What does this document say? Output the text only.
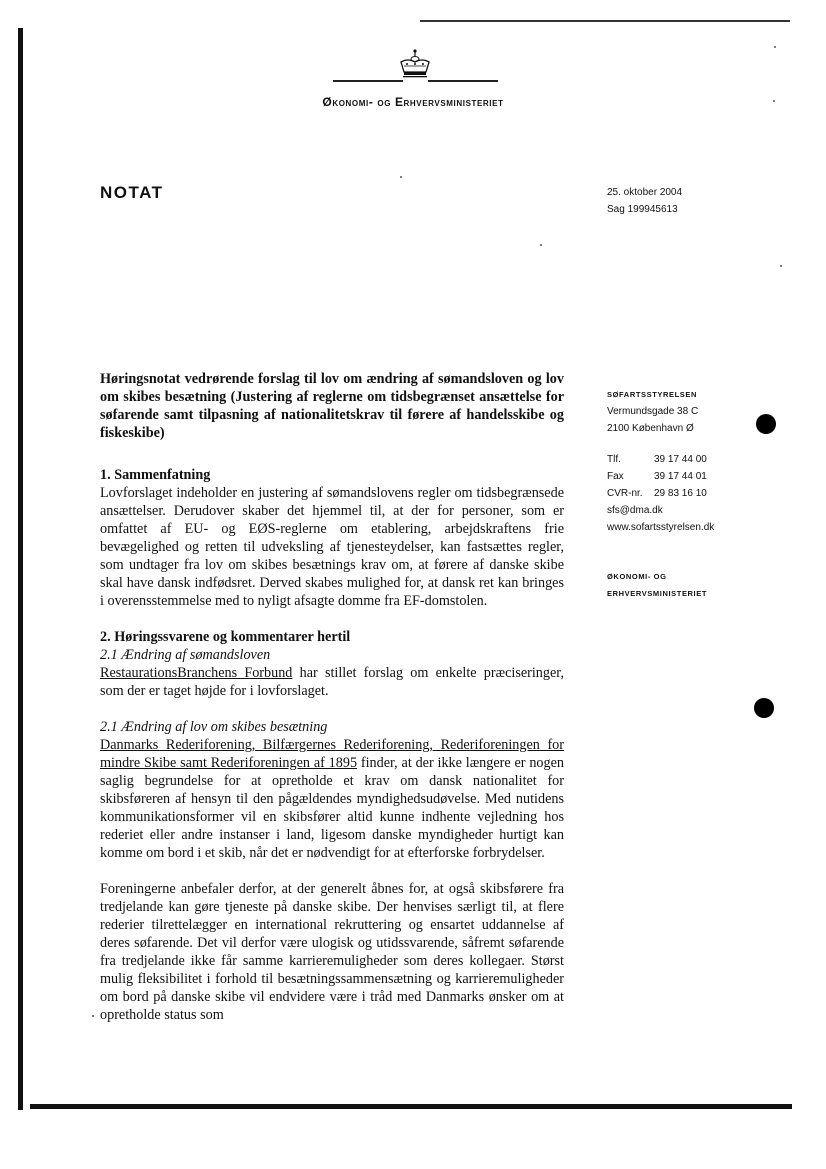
Økonomi- og Erhvervsministeriet
NOTAT	25. oktober 2004
Sag 199945613
SØFARTSSTYRELSEN
Vermundsgade 38 C
2100 København Ø
Tlf.	39 17 44 00
Fax	39 17 44 01
CVR-nr.	29 83 16 10
sfs@dma.dk
www.sofartsstyrelsen.dk
ØKONOMI- OG
ERHVERVSMINISTERIET

Høringsnotat vedrørende forslag til lov om ændring af sømandsloven og lov om skibes besætning (Justering af reglerne om tidsbegrænset ansættelse for søfarende samt tilpasning af nationalitetskrav til førere af handelsskibe og fiskeskibe)

1. Sammenfatning

Lovforslaget indeholder en justering af sømandslovens regler om tidsbegrænsede ansættelser. Derudover skaber det hjemmel til, at der for personer, som er omfattet af EU- og EØS-reglerne om etablering, arbejdskraftens frie bevægelighed og retten til udveksling af tjenesteydelser, kan fastsættes regler, som undtager fra lov om skibes besætnings krav om, at førere af danske skibe skal have dansk indfødsret. Derved skabes mulighed for, at dansk ret kan bringes i overensstemmelse med to nyligt afsagte domme fra EF-domstolen.

2. Høringssvarene og kommentarer hertil

2.1 Ændring af sømandsloven

RestaurationsBranchens Forbund har stillet forslag om enkelte præciseringer, som der er taget højde for i lovforslaget.

2.1 Ændring af lov om skibes besætning

Danmarks Rederiforening, Bilfærgernes Rederiforening, Rederiforeningen for mindre Skibe samt Rederiforeningen af 1895 finder, at der ikke længere er nogen saglig begrundelse for at opretholde et krav om dansk nationalitet for skibsføreren af hensyn til den pågældendes myndighedsudøvelse. Med nutidens kommunikationsformer vil en skibsfører altid kunne indhente vejledning hos rederiet eller andre instanser i land, ligesom danske myndigheder hurtigt kan komme om bord i et skib, når det er nødvendigt for at efterforske forbrydelser.

Foreningerne anbefaler derfor, at der generelt åbnes for, at også skibsførere fra tredjelande kan gøre tjeneste på danske skibe. Der henvises særligt til, at flere rederier tilrettelægger en international rekruttering og ensartet uddannelse af deres søfarende. Det vil derfor være ulogisk og utidssvarende, såfremt søfarende fra tredjelande ikke får samme karrieremuligheder som deres kollegaer. Størst mulig fleksibilitet i forhold til besætningssammensætning og karrieremuligheder om bord på danske skibe vil endvidere være i tråd med Danmarks ønsker om at opretholde status som
